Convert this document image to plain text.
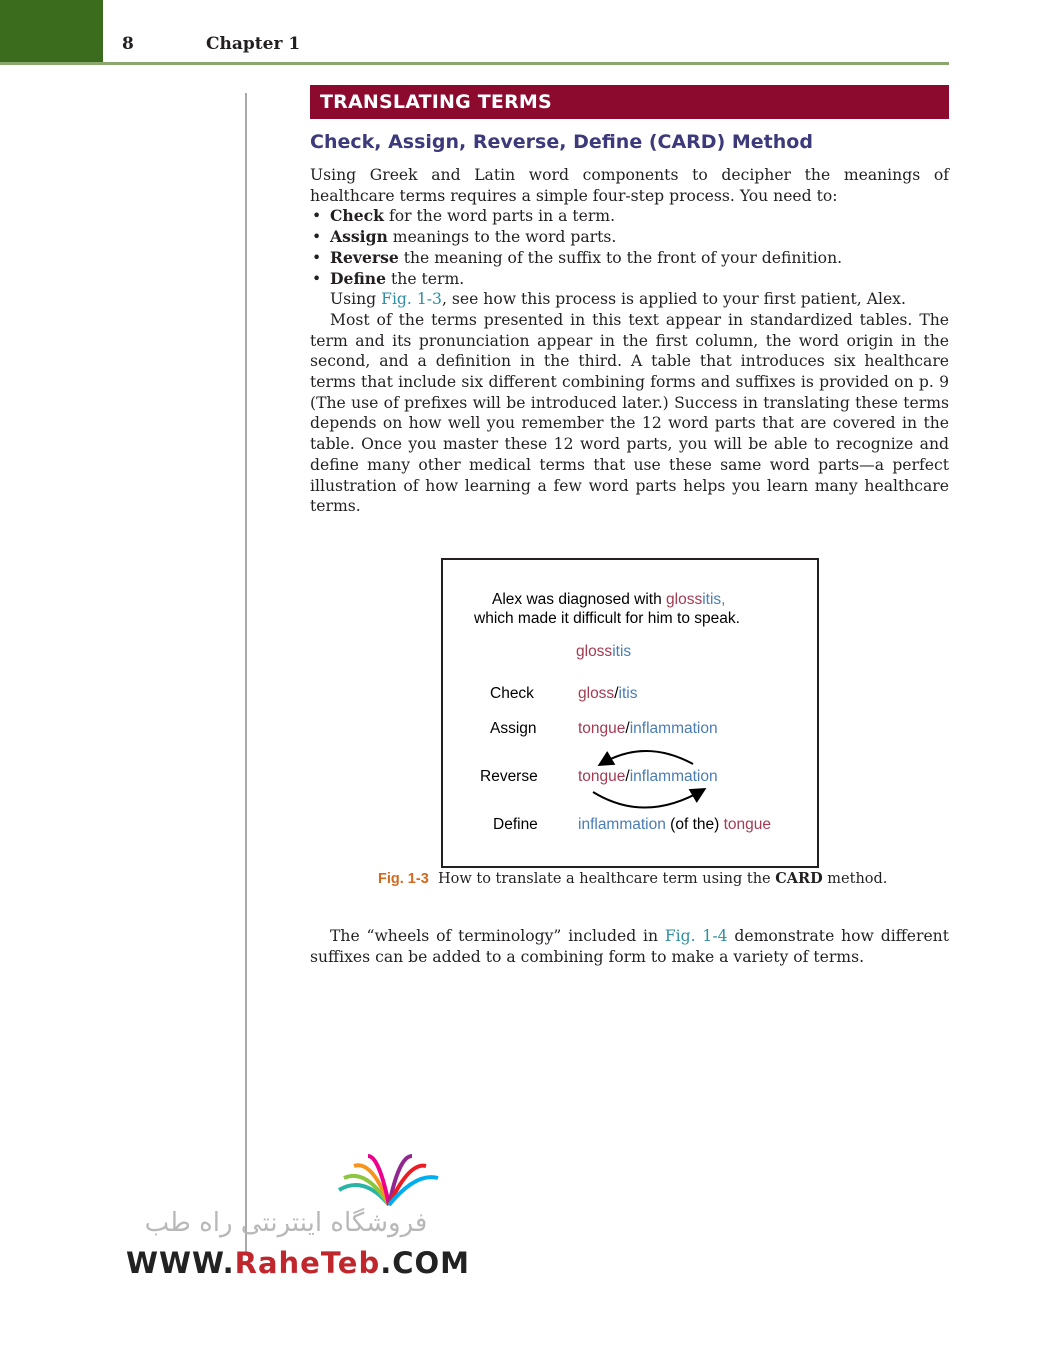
8	Chapter 1
TRANSLATING TERMS
Check, Assign, Reverse, Define (CARD) Method

Using Greek and Latin word components to decipher the meanings of healthcare terms requires a simple four-step process. You need to:

• Check for the word parts in a term.
• Assign meanings to the word parts.
• Reverse the meaning of the suffix to the front of your definition.
• Define the term.

Using Fig. 1-3, see how this process is applied to your first patient, Alex.

Most of the terms presented in this text appear in standardized tables. The term and its pronunciation appear in the first column, the word origin in the second, and a definition in the third. A table that introduces six healthcare terms that include six different combining forms and suffixes is provided on p. 9 (The use of prefixes will be introduced later.) Success in translating these terms depends on how well you remember the 12 word parts that are covered in the table. Once you master these 12 word parts, you will be able to recognize and define many other medical terms that use these same word parts—a perfect illustration of how learning a few word parts helps you learn many healthcare terms.

Alex was diagnosed with glossitis,
which made it difficult for him to speak.
glossitis
Check	gloss/itis
Assign	tongue/inflammation
Reverse	tongue/inflammation
Define	inflammation (of the) tongue
Fig. 1-3 How to translate a healthcare term using the CARD method.

The “wheels of terminology” included in Fig. 1-4 demonstrate how different suffixes can be added to a combining form to make a variety of terms.

فروشگاه اینترنتی راه طب
WWW.RaheTeb.COM
